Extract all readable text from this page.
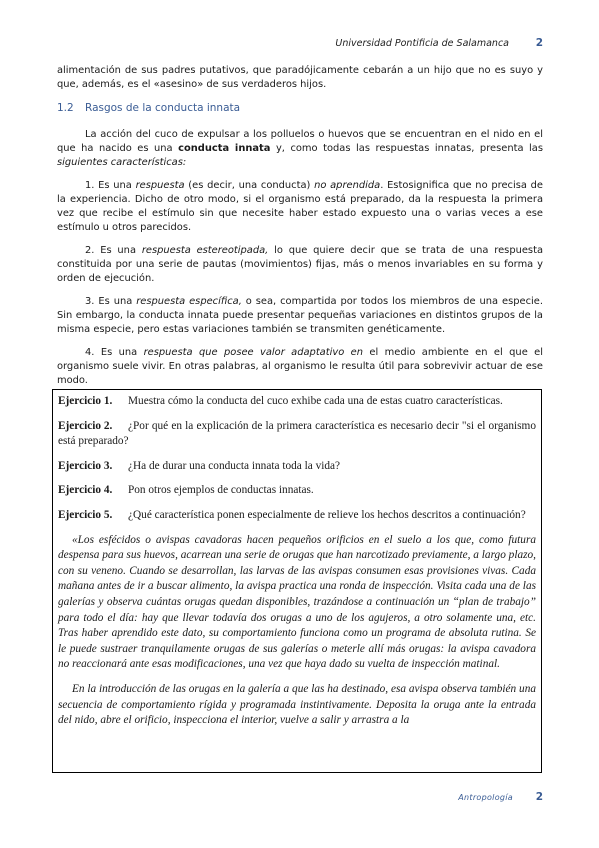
Universidad Pontificia de Salamanca	2

alimentación de sus padres putativos, que paradójicamente cebarán a un hijo que no es suyo y que, además, es el «asesino» de sus verdaderos hijos.

1.2 Rasgos de la conducta innata

La acción del cuco de expulsar a los polluelos o huevos que se encuentran en el nido en el que ha nacido es una conducta innata y, como todas las respuestas innatas, presenta las siguientes características:

1. Es una respuesta (es decir, una conducta) no aprendida. Estosignifica que no precisa de la experiencia. Dicho de otro modo, si el organismo está preparado, da la respuesta la primera vez que recibe el estímulo sin que necesite haber estado expuesto una o varias veces a ese estímulo u otros parecidos.

2. Es una respuesta estereotipada, lo que quiere decir que se trata de una respuesta constituida por una serie de pautas (movimientos) fijas, más o menos invariables en su forma y orden de ejecución.

3. Es una respuesta específica, o sea, compartida por todos los miembros de una especie. Sin embargo, la conducta innata puede presentar pequeñas variaciones en distintos grupos de la misma especie, pero estas variaciones también se transmiten genéticamente.

4. Es una respuesta que posee valor adaptativo en el medio ambiente en el que el organismo suele vivir. En otras palabras, al organismo le resulta útil para sobrevivir actuar de ese modo.

Ejercicio 1. Muestra cómo la conducta del cuco exhibe cada una de estas cuatro características.

Ejercicio 2. ¿Por qué en la explicación de la primera característica es necesario decir "si el organismo está preparado?

Ejercicio 3. ¿Ha de durar una conducta innata toda la vida?

Ejercicio 4. Pon otros ejemplos de conductas innatas.

Ejercicio 5. ¿Qué característica ponen especialmente de relieve los hechos descritos a continuación?

«Los esfécidos o avispas cavadoras hacen pequeños orificios en el suelo a los que, como futura despensa para sus huevos, acarrean una serie de orugas que han narcotizado previamente, a largo plazo, con su veneno. Cuando se desarrollan, las larvas de las avispas consumen esas provisiones vivas. Cada mañana antes de ir a buscar alimento, la avispa practica una ronda de inspección. Visita cada una de las galerías y observa cuántas orugas quedan disponibles, trazándose a continuación un “plan de trabajo” para todo el día: hay que llevar todavía dos orugas a uno de los agujeros, a otro solamente una, etc. Tras haber aprendido este dato, su comportamiento funciona como un programa de absoluta rutina. Se le puede sustraer tranquilamente orugas de sus galerías o meterle allí más orugas: la avispa cavadora no reaccionará ante esas modificaciones, una vez que haya dado su vuelta de inspección matinal.

En la introducción de las orugas en la galería a que las ha destinado, esa avispa observa también una secuencia de comportamiento rígida y programada instintivamente. Deposita la oruga ante la entrada del nido, abre el orificio, inspecciona el interior, vuelve a salir y arrastra a la

Antropología 2
